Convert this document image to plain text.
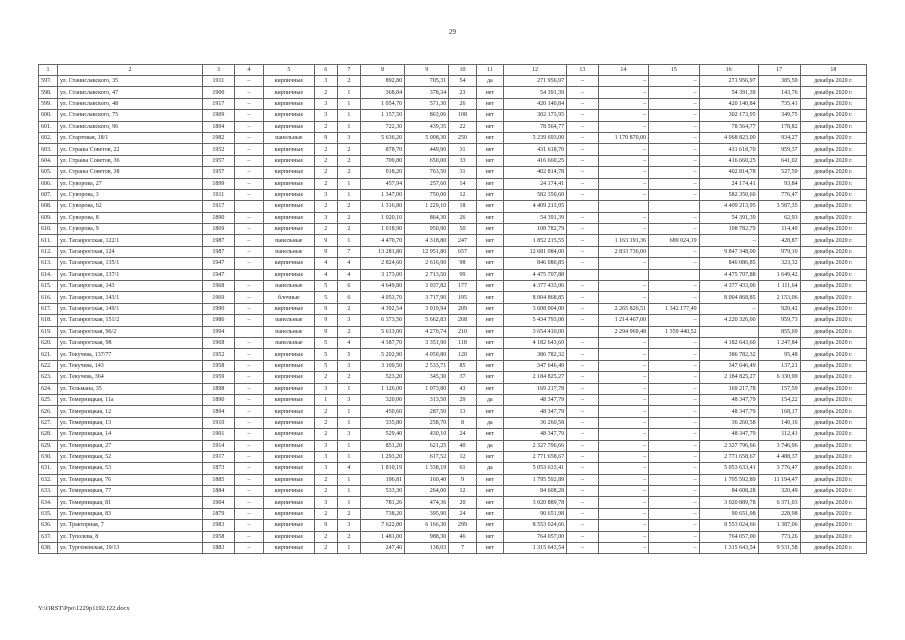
29
1	2	3	4	5	6	7	8	9	10	11	12	13	14	15	16	17	18
597.	ул. Станиславского, 35	1911	–	кирпичные	3	2	892,80	705,31	54	да	271 956,97	–	–	–	271 956,97	385,59	декабрь 2020 г.
598.	ул. Станиславского, 47	1900	–	кирпичные	2	1	368,84	378,34	23	нет	54 391,39	–	–	–	54 391,39	143,76	декабрь 2020 г.
599.	ул. Станиславского, 48	1917	–	кирпичные	3	1	1 054,70	571,30	26	нет	420 140,84	–	–	–	420 140,84	735,41	декабрь 2020 г.
600.	ул. Станиславского, 75	1909	–	кирпичные	3	1	1 157,50	863,06	108	нет	302 173,95	–	–	–	302 173,95	349,75	декабрь 2020 г.
601.	ул. Станиславского, 96	1894	–	кирпичные	2	1	722,30	439,35	22	нет	78 564,77	–	–	–	78 564,77	178,82	декабрь 2020 г.
602.	ул. Стартовая, 18/1	1982	–	панельные	9	3	5 636,20	5 008,30	250	нет	5 239 693,00	–	1 170 870,00	–	4 068 823,00	934,27	декабрь 2020 г.
603.	ул. Страны Советов, 22	1952	–	кирпичные	2	2	878,70	449,90	31	нет	431 618,70	–	–	–	431 618,70	959,37	декабрь 2020 г.
604.	ул. Страны Советов, 36	1957	–	кирпичные	2	2	709,80	650,00	33	нет	416 660,25	–	–	–	416 660,25	641,02	декабрь 2020 г.
605.	ул. Страны Советов, 38	1957	–	кирпичные	2	2	918,20	763,50	31	нет	402 814,78	–	–	–	402 814,78	527,59	декабрь 2020 г.
606.	ул. Суворова, 27	1899	–	кирпичные	2	1	457,94	257,60	14	нет	24 174,41	–	–	–	24 174,41	93,84	декабрь 2020 г.
607.	ул. Суворова, 3	1911	–	кирпичные	3	1	1 347,00	750,00	12	нет	582 350,60	–	–	–	582 350,60	776,47	декабрь 2020 г.
608.	ул. Суворова, 62	1917		кирпичные	2	2	1 316,80	1 229,10	18	нет	4 409 213,95				4 409 213,95	3 587,35	декабрь 2020 г.
609.	ул. Суворова, 8	1890	–	кирпичные	3	2	1 020,10	864,30	26	нет	54 391,39	–	–	–	54 391,39	62,93	декабрь 2020 г.
610.	ул. Суворова, 9	1869	–	кирпичные	2	2	1 018,90	950,90	50	нет	108 782,79	–	–	–	108 782,79	114,40	декабрь 2020 г.
611.	ул. Таганрогская, 122/1	1987	–	панельные	9	1	4 470,70	4 318,80	247	нет	1 852 215,55	–	1 163 191,36	689 024,19	–	428,87	декабрь 2020 г.
612.	ул. Таганрогская, 124	1987	–	панельные	9	7	13 281,80	12 951,80	657	нет	12 681 084,00	–	2 833 736,00	–	9 847 348,00	979,10	декабрь 2020 г.
613.	ул. Таганрогская, 135/1	1947	–	кирпичные	4	4	2 824,60	2 616,90	98	нет	846 086,85	–	–	–	846 086,85	323,32	декабрь 2020 г.
614.	ул. Таганрогская, 137/1	1947		кирпичные	4	4	3 173,00	2 713,50	99	нет	4 475 707,88				4 475 707,88	1 649,42	декабрь 2020 г.
615.	ул. Таганрогская, 143	1968	–	панельные	5	6	4 649,80	3 937,82	177	нет	4 377 433,06	–	–	–	4 377 433,06	1 111,64	декабрь 2020 г.
616.	ул. Таганрогская, 143/1	1969	–	блочные	5	6	4 053,70	3 717,90	195	нет	8 004 868,85	–	–	–	8 004 868,85	2 153,06	декабрь 2020 г.
617.	ул. Таганрогская, 149/1	1990	–	кирпичные	9	2	4 392,54	3 919,94	209	нет	3 608 004,00	–	2 265 826,51	1 342 177,49	–	920,42	декабрь 2020 г.
618.	ул. Таганрогская, 151/2	1986	–	панельные	9	3	6 373,50	5 662,83	268	нет	5 434 793,00	–	1 214 467,00	–	4 220 326,00	959,73	декабрь 2020 г.
619.	ул. Таганрогская, 96/2	1994		панельные	9	2	5 613,00	4 270,74	210	нет	3 654 410,00		2 294 969,48	1 359 440,52		855,69	декабрь 2020 г.
620.	ул. Таганрогская, 98	1968	–	панельные	5	4	4 387,70	3 351,90	118	нет	4 182 643,60	–	–	–	4 182 643,60	1 247,84	декабрь 2020 г.
621.	ул. Текучева, 137/77	1952	–	кирпичные	5	5	5 202,90	4 050,80	120	нет	386 782,32	–	–	–	386 782,32	95,48	декабрь 2020 г.
622.	ул. Текучева, 143	1958	–	кирпичные	5	3	3 109,50	2 533,71	85	нет	347 646,49	–	–	–	347 646,49	137,21	декабрь 2020 г.
623.	ул. Текучева, 364	1959	–	кирпичные	2	2	523,20	345,30	37	нет	2 184 825,27	–	–	–	2 184 825,27	6 330,99	декабрь 2020 г.
624.	ул. Тельмана, 35	1898	–	кирпичные	3	1	1 126,00	1 073,80	43	нет	169 217,78	–	–	–	169 217,78	157,59	декабрь 2020 г.
625.	ул. Темерницкая, 11а	1890	–	кирпичные	1	3	320,00	313,50	29	да	48 347,79	–	–	–	48 347,79	154,22	декабрь 2020 г.
626.	ул. Темерницкая, 12	1894	–	кирпичные	2	1	450,60	287,50	13	нет	48 347,79	–	–	–	48 347,79	168,17	декабрь 2020 г.
627.	ул. Темерницкая, 13	1910	–	кирпичные	2	1	335,80	258,70	8	да	36 260,58	–	–	–	36 260,58	140,16	декабрь 2020 г.
628.	ул. Темерницкая, 14	1901	–	кирпичные	2	3	529,40	430,10	24	нет	48 347,79	–	–	–	48 347,79	112,41	декабрь 2020 г.
629.	ул. Темерницкая, 27	1914	–	кирпичные	3	1	851,20	621,25	40	да	2 327 796,66	–	–	–	2 327 796,66	3 746,96	декабрь 2020 г.
630.	ул. Темерницкая, 52	1917	–	кирпичные	3	1	1 293,20	617,52	12	нет	2 771 658,67	–	–	–	2 771 658,67	4 488,37	декабрь 2020 г.
631.	ул. Темерницкая, 53	1873	–	кирпичные	3	4	1 810,19	1 338,19	61	да	5 053 633,41	–	–	–	5 053 633,41	3 776,47	декабрь 2020 г.
632.	ул. Темерницкая, 76	1885	–	кирпичные	2	1	196,81	160,40	9	нет	1 795 592,89	–	–	–	1 795 592,89	11 194,47	декабрь 2020 г.
633.	ул. Темерницкая, 77	1884	–	кирпичные	2	1	533,30	264,00	12	нет	84 608,28	–	–	–	84 608,28	320,49	декабрь 2020 г.
634.	ул. Темерницкая, 81	1904	–	кирпичные	3	1	781,26	474,36	20	нет	3 020 889,78	–	–	–	3 020 889,78	6 371,03	декабрь 2020 г.
635.	ул. Темерницкая, 83	1879	–	кирпичные	2	2	738,20	395,90	24	нет	90 651,98	–	–	–	90 651,98	228,98	декабрь 2020 г.
636.	ул. Тракторная, 7	1983	–	кирпичные	9	3	7 622,80	6 166,30	299	нет	8 553 024,66	–	–	–	8 553 024,66	1 387,06	декабрь 2020 г.
637.	ул. Туполева, 8	1958	–	кирпичные	2	2	1 481,00	988,30	46	нет	764 057,00	–	–	–	764 057,00	773,26	декабрь 2020 г.
638.	ул. Тургеневская, 19/13	1883	–	кирпичные	2	1	247,40	138,03	7	нет	1 315 643,54	–	–	–	1 315 643,54	9 531,58	декабрь 2020 г.
Y:\ORST\Ppo\1229p1192.f22.docx
